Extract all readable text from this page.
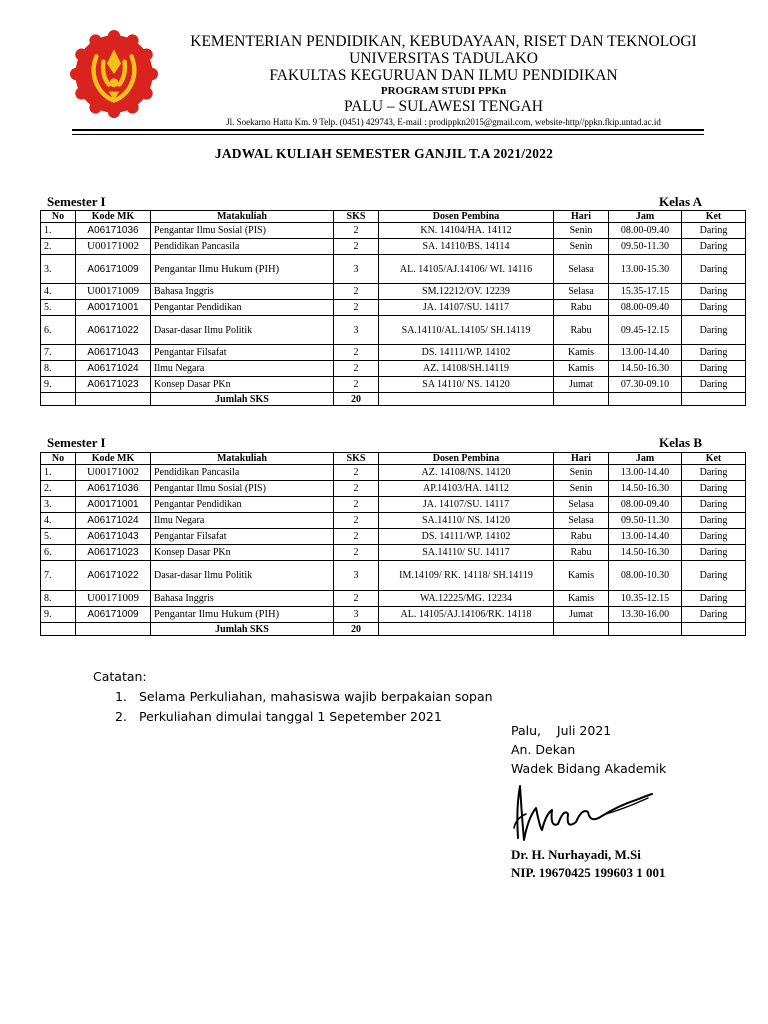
KEMENTERIAN PENDIDIKAN, KEBUDAYAAN, RISET DAN TEKNOLOGI
UNIVERSITAS TADULAKO
FAKULTAS KEGURUAN DAN ILMU PENDIDIKAN
PROGRAM STUDI PPKn
PALU – SULAWESI TENGAH
Jl. Soekarno Hatta Km. 9 Telp. (0451) 429743, E-mail : prodippkn2015@gmail.com, website-http//ppkn.fkip.untad.ac.id
JADWAL KULIAH SEMESTER GANJIL T.A 2021/2022
Semester I	Kelas A
No	Kode MK	Matakuliah	SKS	Dosen Pembina	Hari	Jam	Ket
1.	A06171036	Pengantar Ilmu Sosial (PIS)	2	KN. 14104/HA. 14112	Senin	08.00-09.40	Daring
2.	U00171002	Pendidikan Pancasila	2	SA. 14110/BS. 14114	Senin	09.50-11.30	Daring
3.	A06171009	Pengantar Ilmu Hukum (PIH)	3	AL. 14105/AJ.14106/ WI. 14116	Selasa	13.00-15.30	Daring
4.	U00171009	Bahasa Inggris	2	SM.12212/OV. 12239	Selasa	15.35-17.15	Daring
5.	A00171001	Pengantar Pendidikan	2	JA. 14107/SU. 14117	Rabu	08.00-09.40	Daring
6.	A06171022	Dasar-dasar Ilmu Politik	3	SA.14110/AL.14105/ SH.14119	Rabu	09.45-12.15	Daring
7.	A06171043	Pengantar Filsafat	2	DS. 14111/WP. 14102	Kamis	13.00-14.40	Daring
8.	A06171024	Ilmu Negara	2	AZ. 14108/SH.14119	Kamis	14.50-16.30	Daring
9.	A06171023	Konsep Dasar PKn	2	SA 14110/ NS. 14120	Jumat	07.30-09.10	Daring
		Jumlah SKS	20				
Semester I	Kelas B
No	Kode MK	Matakuliah	SKS	Dosen Pembina	Hari	Jam	Ket
1.	U00171002	Pendidikan Pancasila	2	AZ. 14108/NS. 14120	Senin	13.00-14.40	Daring
2.	A06171036	Pengantar Ilmu Sosial (PIS)	2	AP.14103/HA. 14112	Senin	14.50-16.30	Daring
3.	A00171001	Pengantar Pendidikan	2	JA. 14107/SU. 14117	Selasa	08.00-09.40	Daring
4.	A06171024	Ilmu Negara	2	SA.14110/ NS. 14120	Selasa	09.50-11.30	Daring
5.	A06171043	Pengantar Filsafat	2	DS. 14111/WP. 14102	Rabu	13.00-14.40	Daring
6.	A06171023	Konsep Dasar PKn	2	SA.14110/ SU. 14117	Rabu	14.50-16.30	Daring
7.	A06171022	Dasar-dasar Ilmu Politik	3	IM.14109/ RK. 14118/ SH.14119	Kamis	08.00-10.30	Daring
8.	U00171009	Bahasa Inggris	2	WA.12225/MG. 12234	Kamis	10.35-12.15	Daring
9.	A06171009	Pengantar Ilmu Hukum (PIH)	3	AL. 14105/AJ.14106/RK. 14118	Jumat	13.30-16.00	Daring
		Jumlah SKS	20				
Catatan:
1. Selama Perkuliahan, mahasiswa wajib berpakaian sopan
2. Perkuliahan dimulai tanggal 1 Sepetember 2021
Palu,    Juli 2021
An. Dekan
Wadek Bidang Akademik
Dr. H. Nurhayadi, M.Si
NIP. 19670425 199603 1 001
